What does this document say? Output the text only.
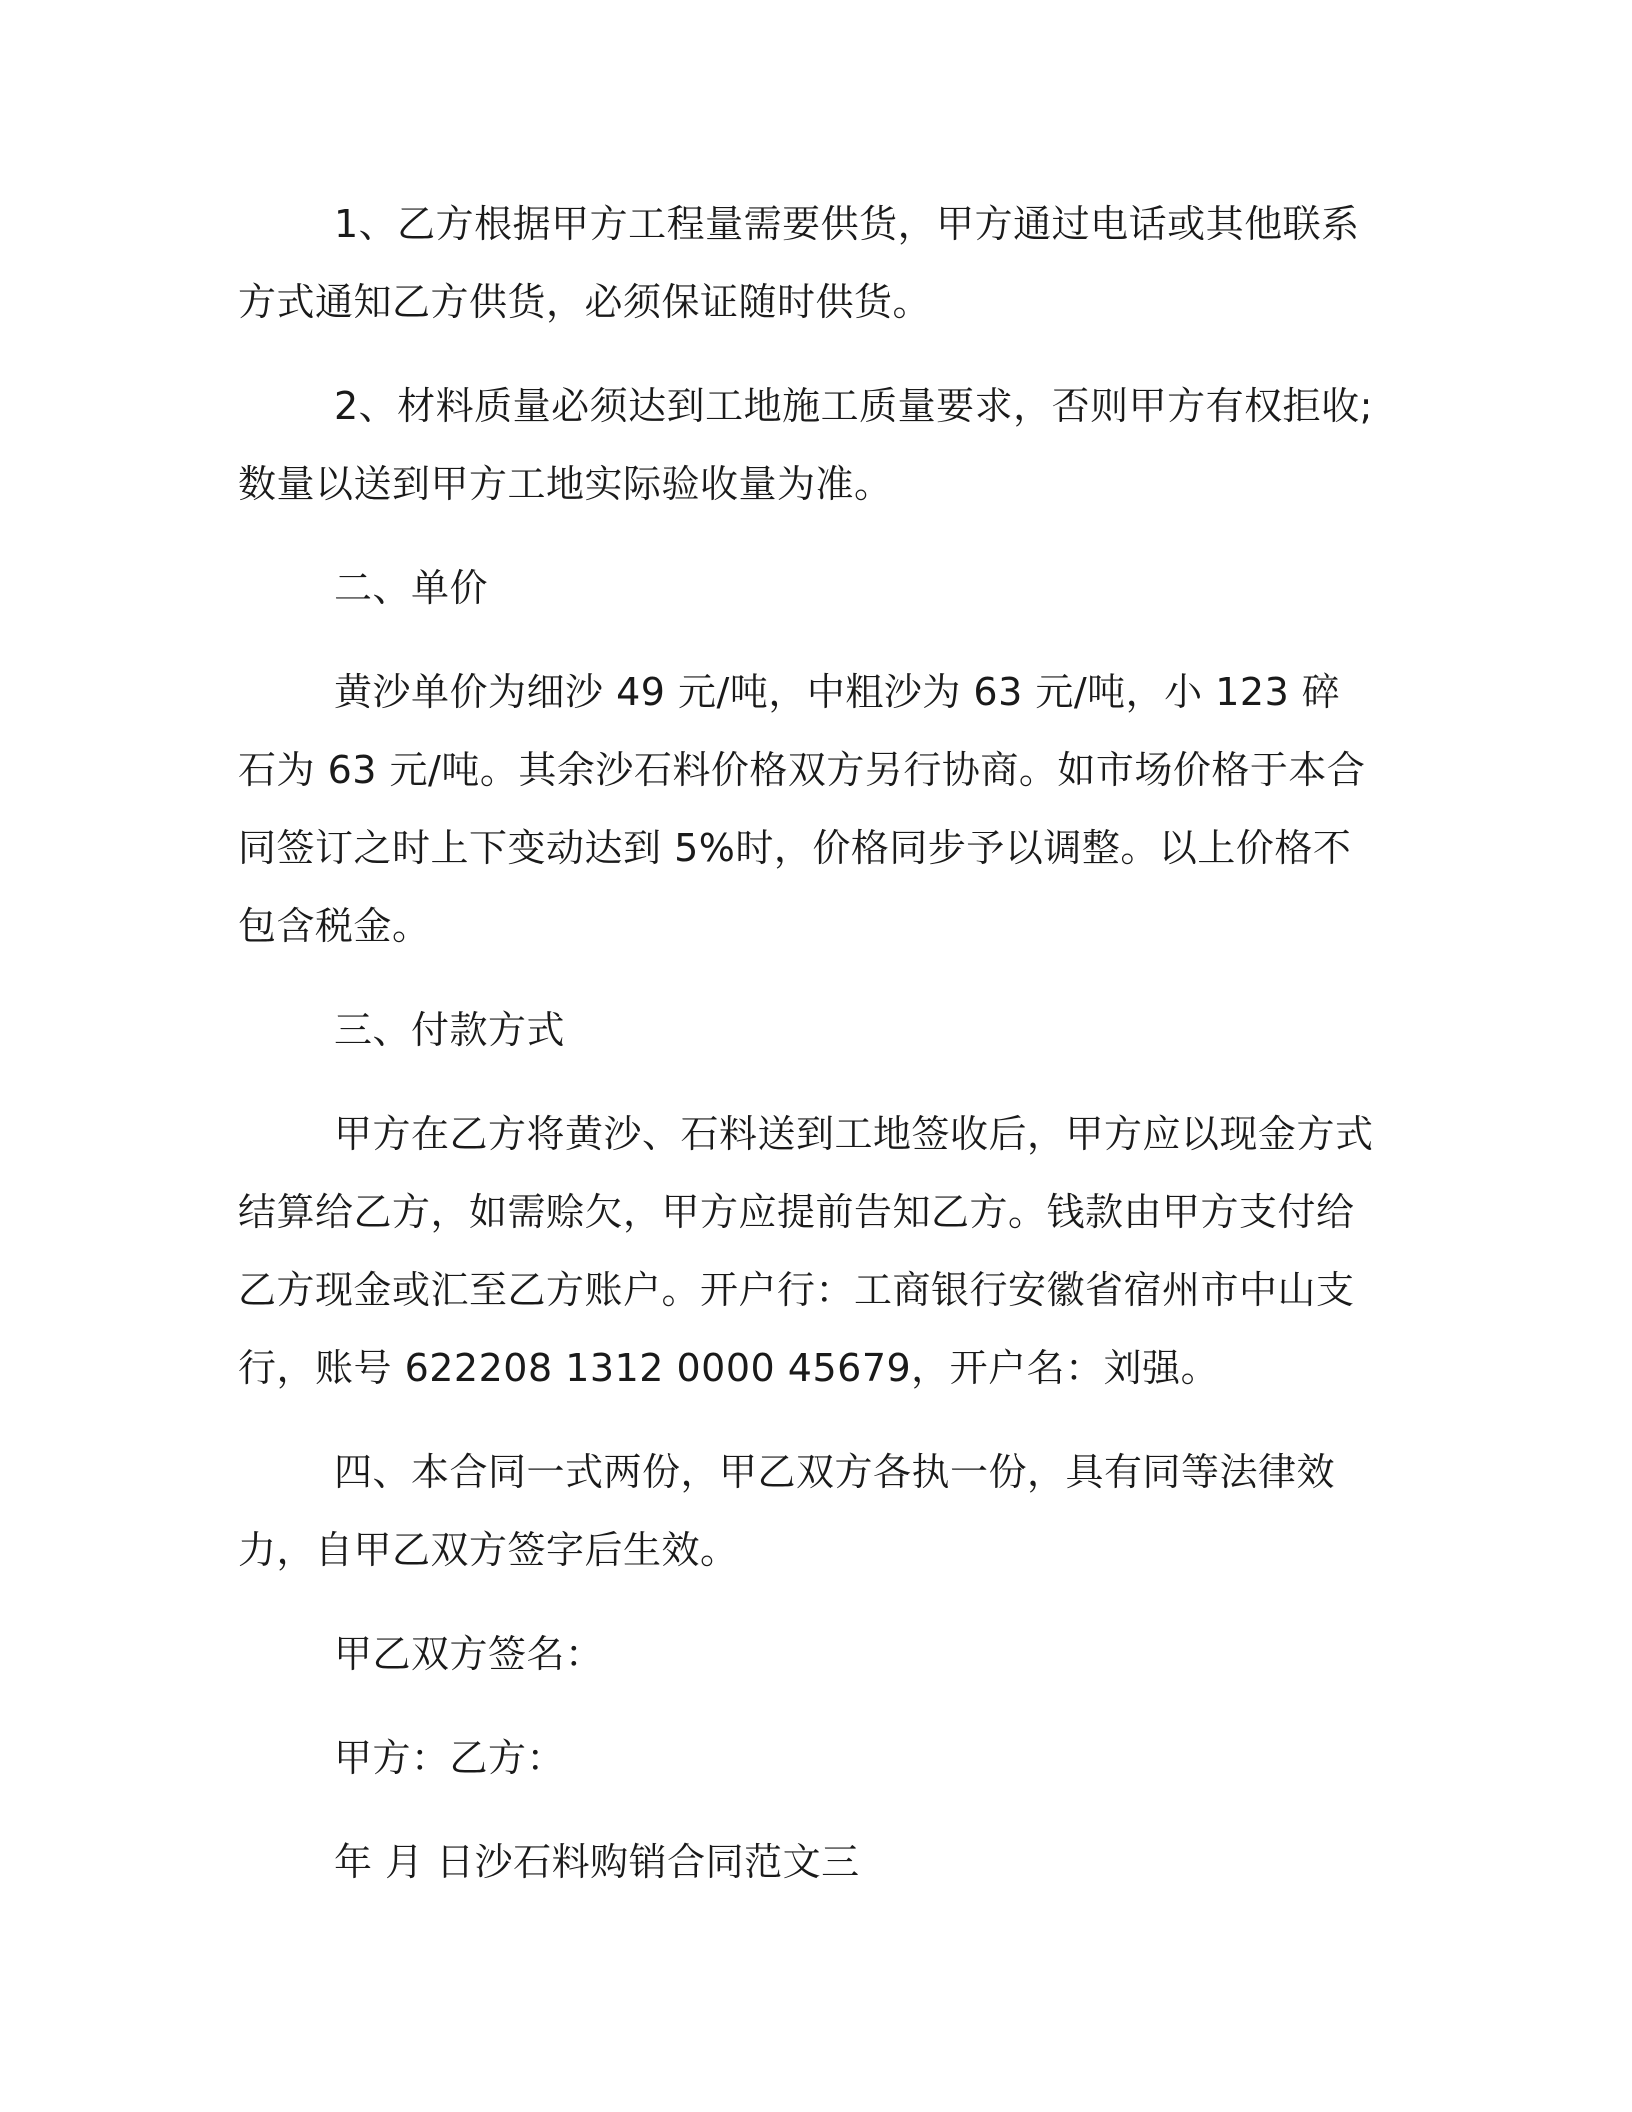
1、乙方根据甲方工程量需要供货，甲方通过电话或其他联系方式通知乙方供货，必须保证随时供货。

2、材料质量必须达到工地施工质量要求，否则甲方有权拒收;数量以送到甲方工地实际验收量为准。

二、单价

黄沙单价为细沙 49 元/吨，中粗沙为 63 元/吨，小 123 碎石为 63 元/吨。其余沙石料价格双方另行协商。如市场价格于本合同签订之时上下变动达到 5%时，价格同步予以调整。以上价格不包含税金。

三、付款方式

甲方在乙方将黄沙、石料送到工地签收后，甲方应以现金方式结算给乙方，如需赊欠，甲方应提前告知乙方。钱款由甲方支付给乙方现金或汇至乙方账户。开户行：工商银行安徽省宿州市中山支行，账号 622208 1312 0000 45679，开户名：刘强。

四、本合同一式两份，甲乙双方各执一份，具有同等法律效力，自甲乙双方签字后生效。

甲乙双方签名：

甲方：乙方：

年 月 日沙石料购销合同范文三
